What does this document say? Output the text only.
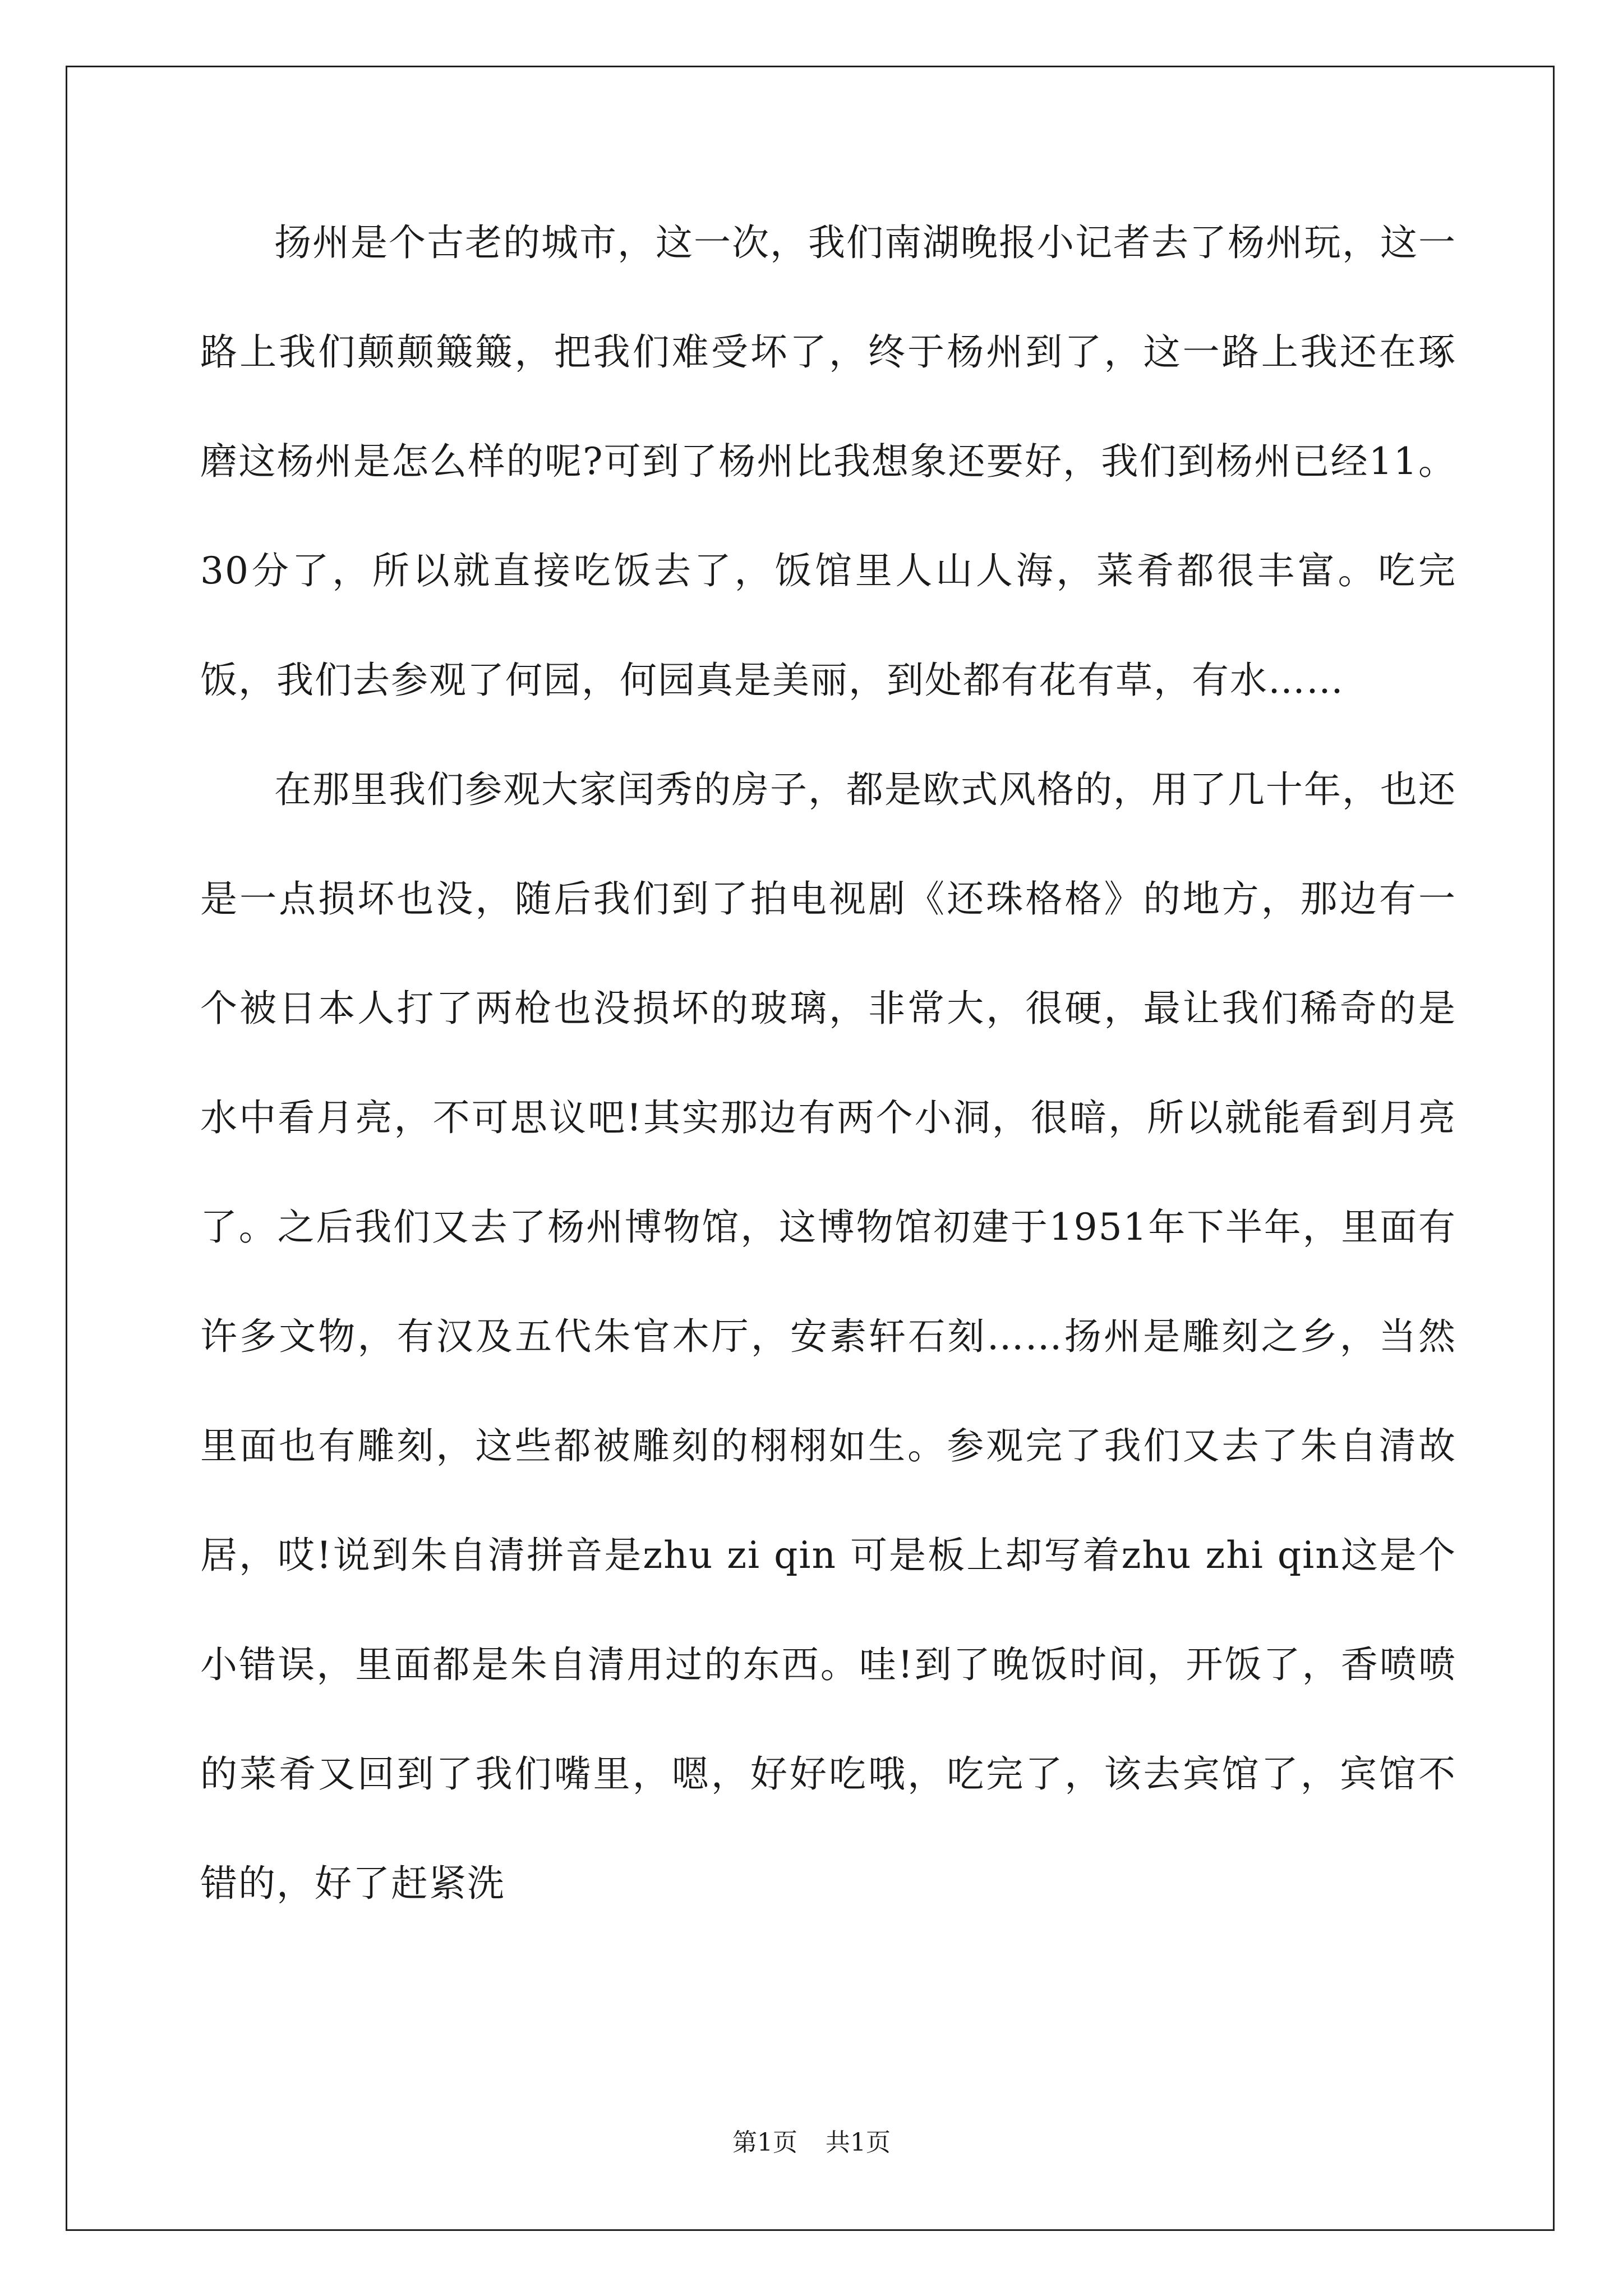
扬州是个古老的城市，这一次，我们南湖晚报小记者去了杨州玩，这一路上我们颠颠簸簸，把我们难受坏了，终于杨州到了，这一路上我还在琢磨这杨州是怎么样的呢?可到了杨州比我想象还要好，我们到杨州已经11。30分了，所以就直接吃饭去了，饭馆里人山人海，菜肴都很丰富。吃完饭，我们去参观了何园，何园真是美丽，到处都有花有草，有水……

在那里我们参观大家闰秀的房子，都是欧式风格的，用了几十年，也还是一点损坏也没，随后我们到了拍电视剧《还珠格格》的地方，那边有一个被日本人打了两枪也没损坏的玻璃，非常大，很硬，最让我们稀奇的是水中看月亮，不可思议吧!其实那边有两个小洞，很暗，所以就能看到月亮了。之后我们又去了杨州博物馆，这博物馆初建于1951年下半年，里面有许多文物，有汉及五代朱官木厅，安素轩石刻……扬州是雕刻之乡，当然里面也有雕刻，这些都被雕刻的栩栩如生。参观完了我们又去了朱自清故居，哎!说到朱自清拼音是zhu zi qin 可是板上却写着zhu zhi qin这是个小错误，里面都是朱自清用过的东西。哇!到了晚饭时间，开饭了，香喷喷的菜肴又回到了我们嘴里，嗯，好好吃哦，吃完了，该去宾馆了，宾馆不错的，好了赶紧洗

第1页 共1页
